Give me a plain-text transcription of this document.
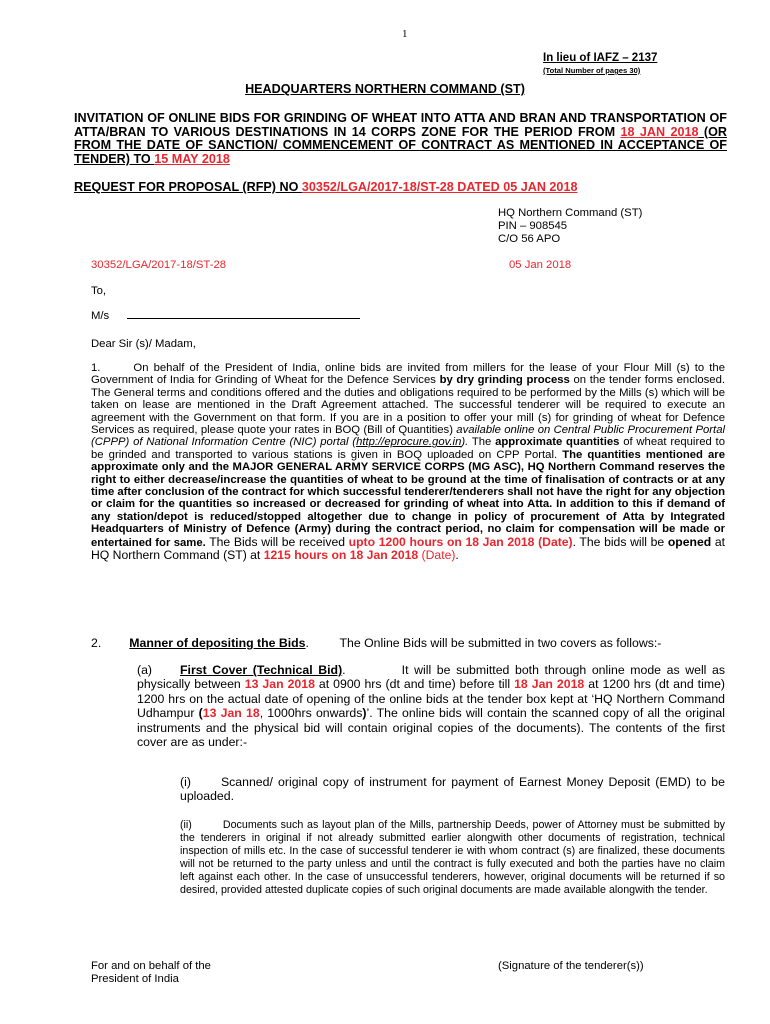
1
In lieu of IAFZ – 2137
(Total Number of pages 30)
HEADQUARTERS NORTHERN COMMAND (ST)
INVITATION OF ONLINE BIDS FOR GRINDING OF WHEAT INTO ATTA AND BRAN AND TRANSPORTATION OF ATTA/BRAN TO VARIOUS DESTINATIONS IN 14 CORPS ZONE FOR THE PERIOD FROM 18 JAN 2018 (OR FROM THE DATE OF SANCTION/ COMMENCEMENT OF CONTRACT AS MENTIONED IN ACCEPTANCE OF TENDER) TO 15 MAY 2018
REQUEST FOR PROPOSAL (RFP) NO 30352/LGA/2017-18/ST-28 DATED 05 JAN 2018
HQ Northern Command (ST)
PIN – 908545
C/O 56 APO
30352/LGA/2017-18/ST-28	05 Jan 2018
To,
M/s
Dear Sir (s)/ Madam,
1.	On behalf of the President of India, online bids are invited from millers for the lease of your Flour Mill (s) to the Government of India for Grinding of Wheat for the Defence Services by dry grinding process on the tender forms enclosed. The General terms and conditions offered and the duties and obligations required to be performed by the Mills (s) which will be taken on lease are mentioned in the Draft Agreement attached. The successful tenderer will be required to execute an agreement with the Government on that form. If you are in a position to offer your mill (s) for grinding of wheat for Defence Services as required, please quote your rates in BOQ (Bill of Quantities) available online on Central Public Procurement Portal (CPPP) of National Information Centre (NIC) portal (http://eprocure.gov.in). The approximate quantities of wheat required to be grinded and transported to various stations is given in BOQ uploaded on CPP Portal. The quantities mentioned are approximate only and the MAJOR GENERAL ARMY SERVICE CORPS (MG ASC), HQ Northern Command reserves the right to either decrease/increase the quantities of wheat to be ground at the time of finalisation of contracts or at any time after conclusion of the contract for which successful tenderer/tenderers shall not have the right for any objection or claim for the quantities so increased or decreased for grinding of wheat into Atta. In addition to this if demand of any station/depot is reduced/stopped altogether due to change in policy of procurement of Atta by Integrated Headquarters of Ministry of Defence (Army) during the contract period, no claim for compensation will be made or entertained for same. The Bids will be received upto 1200 hours on 18 Jan 2018 (Date). The bids will be opened at HQ Northern Command (ST) at 1215 hours on 18 Jan 2018 (Date).
2. Manner of depositing the Bids.         The Online Bids will be submitted in two covers as follows:-
(a) First Cover (Technical Bid).          It will be submitted both through online mode as well as physically between 13 Jan 2018 at 0900 hrs (dt and time) before till 18 Jan 2018 at 1200 hrs (dt and time) 1200 hrs on the actual date of opening of the online bids at the tender box kept at ‘HQ Northern Command Udhampur (13 Jan 18, 1000hrs onwards)’. The online bids will contain the scanned copy of all the original instruments and the physical bid will contain original copies of the documents). The contents of the first cover are as under:-
(i) Scanned/ original copy of instrument for payment of Earnest Money Deposit (EMD) to be uploaded.
(ii)	Documents such as layout plan of the Mills, partnership Deeds, power of Attorney must be submitted by the tenderers in original if not already submitted earlier alongwith other documents of registration, technical inspection of mills etc. In the case of successful tenderer ie with whom contract (s) are finalized, these documents will not be returned to the party unless and until the contract is fully executed and both the parties have no claim left against each other. In the case of unsuccessful tenderers, however, original documents will be returned if so desired, provided attested duplicate copies of such original documents are made available alongwith the tender.
For and on behalf of the
President of India
(Signature of the tenderer(s))
